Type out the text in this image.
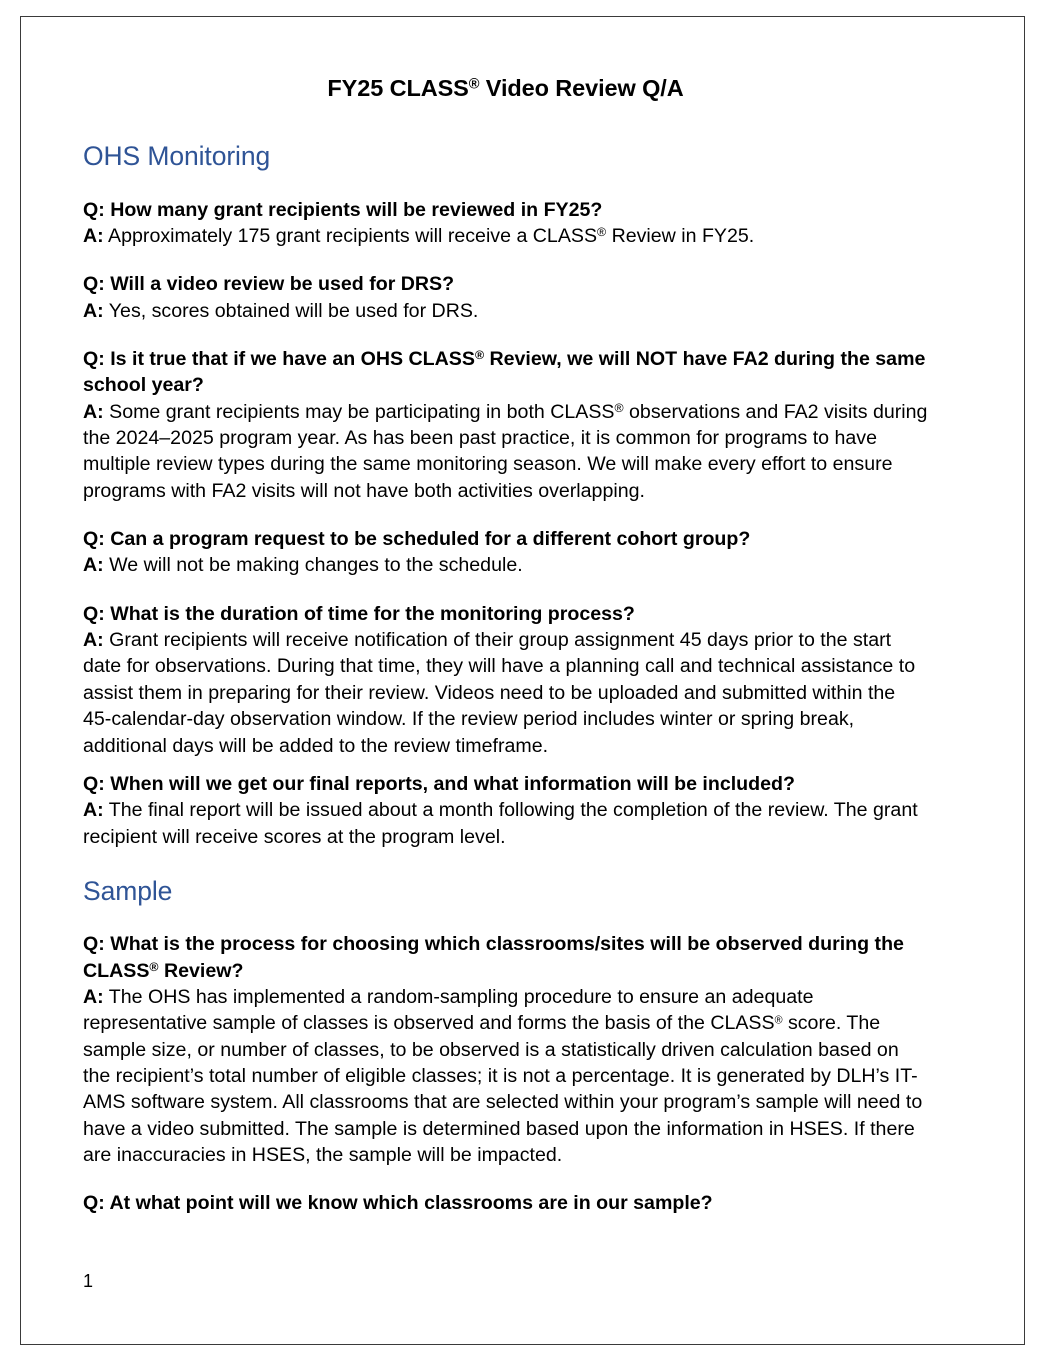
FY25 CLASS® Video Review Q/A
OHS Monitoring
Q: How many grant recipients will be reviewed in FY25?
A: Approximately 175 grant recipients will receive a CLASS® Review in FY25.
Q: Will a video review be used for DRS?
A: Yes, scores obtained will be used for DRS.
Q: Is it true that if we have an OHS CLASS® Review, we will NOT have FA2 during the same school year?
A: Some grant recipients may be participating in both CLASS® observations and FA2 visits during the 2024–2025 program year. As has been past practice, it is common for programs to have multiple review types during the same monitoring season. We will make every effort to ensure programs with FA2 visits will not have both activities overlapping.
Q: Can a program request to be scheduled for a different cohort group?
A: We will not be making changes to the schedule.
Q: What is the duration of time for the monitoring process?
A: Grant recipients will receive notification of their group assignment 45 days prior to the start date for observations. During that time, they will have a planning call and technical assistance to assist them in preparing for their review. Videos need to be uploaded and submitted within the 45-calendar-day observation window. If the review period includes winter or spring break, additional days will be added to the review timeframe.
Q: When will we get our final reports, and what information will be included?
A: The final report will be issued about a month following the completion of the review. The grant recipient will receive scores at the program level.
Sample
Q: What is the process for choosing which classrooms/sites will be observed during the CLASS® Review?
A: The OHS has implemented a random-sampling procedure to ensure an adequate representative sample of classes is observed and forms the basis of the CLASS® score. The sample size, or number of classes, to be observed is a statistically driven calculation based on the recipient’s total number of eligible classes; it is not a percentage. It is generated by DLH’s IT-AMS software system. All classrooms that are selected within your program’s sample will need to have a video submitted. The sample is determined based upon the information in HSES. If there are inaccuracies in HSES, the sample will be impacted.
Q: At what point will we know which classrooms are in our sample?
1
